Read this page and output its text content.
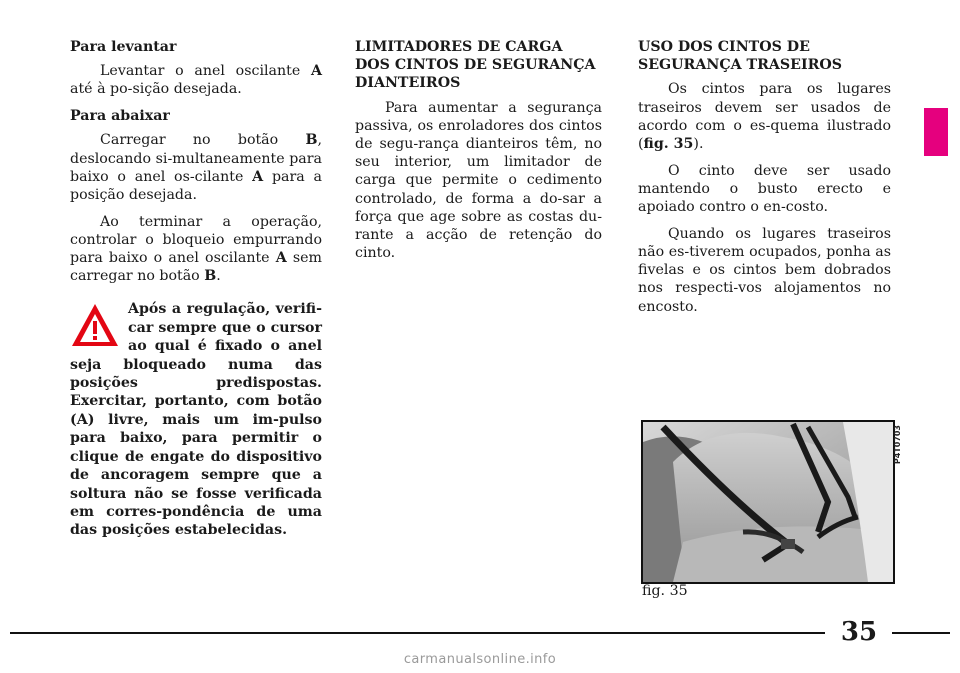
Para levantar

Levantar o anel oscilante A até à po-sição desejada.

Para abaixar

Carregar no botão B, deslocando si-multaneamente para baixo o anel os-cilante A para a posição desejada.

Ao terminar a operação, controlar o bloqueio empurrando para baixo o anel oscilante A sem carregar no botão B.

Após a regulação, verifi-car sempre que o cursor ao qual é fixado o anel seja bloqueado numa das posições predispostas. Exercitar, portanto, com botão (A) livre, mais um im-pulso para baixo, para permitir o clique de engate do dispositivo de ancoragem sempre que a soltura não se fosse verificada em corres-pondência de uma das posições estabelecidas.
LIMITADORES DE CARGA DOS CINTOS DE SEGURANÇA DIANTEIROS

Para aumentar a segurança passiva, os enroladores dos cintos de segu-rança dianteiros têm, no seu interior, um limitador de carga que permite o cedimento controlado, de forma a do-sar a força que age sobre as costas du-rante a acção de retenção do cinto.

USO DOS CINTOS DE SEGURANÇA TRASEIROS

Os cintos para os lugares traseiros devem ser usados de acordo com o es-quema ilustrado (fig. 35).

O cinto deve ser usado mantendo o busto erecto e apoiado contro o en-costo.

Quando os lugares traseiros não es-tiverem ocupados, ponha as fivelas e os cintos bem dobrados nos respecti-vos alojamentos no encosto.

P4T0703
fig. 35
35
carmanualsonline.info
